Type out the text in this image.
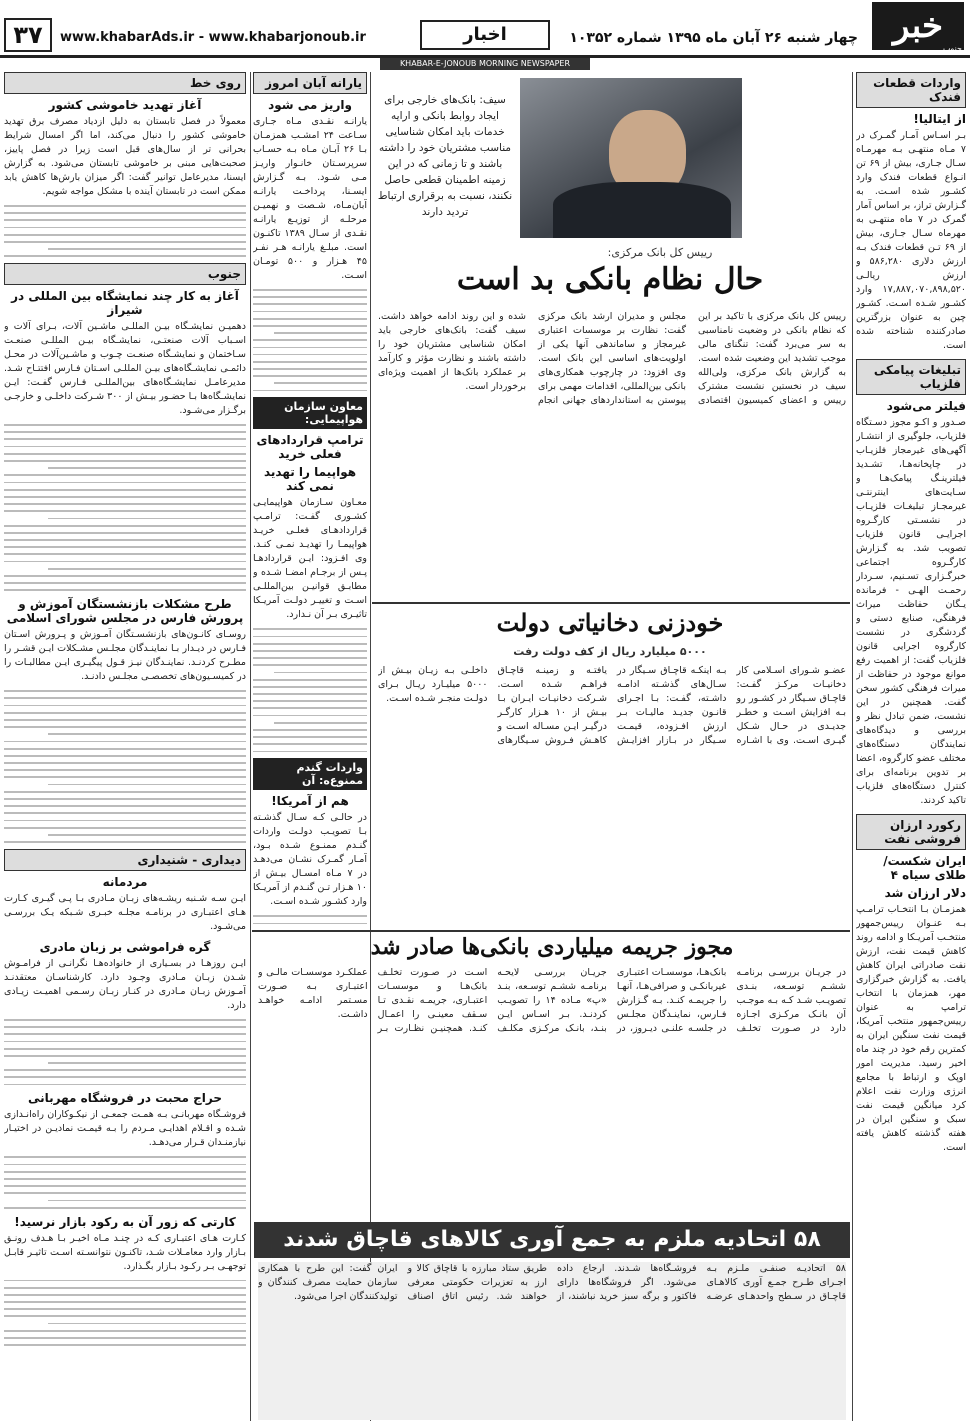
خبر
جنوب
چهار شنبه ۲۶ آبان ماه ۱۳۹۵ شماره ۱۰۳۵۲
اخبار
www.khabarAds.ir - www.khabarjonoub.ir
۳۷
KHABAR-E-JONOUB MORNING NEWSPAPER
واردات قطعات فندک
از ایتالیا!
بـر اسـاس آمـار گمـرک در ۷ مـاه منتهـی بـه مهرمـاه سـال جـاری، بیش از ۶۹ تن انـواع قطعات فندک وارد کشـور شده اسـت. به گـزارش تراز، بر اساس آمار گمرک در ۷ ماه منتهـی به مهرماه سـال جـاری، بیش از ۶۹ تـن قطعات فندک بـه ارزش دلاری ۵۸۶,۲۸۰ و ارزش ریالـی ۱۷,۸۸۷,۰۷۰,۸۹۸,۵۲۰ وارد کشـور شـده اسـت. کشـور چین به عنوان بزرگترین صادرکننده شناخته شده است.
تبلیغات پیامکی فلزیاب
فیلتر می‌شود
صـدور و اکـو مجوز دسـتگاه فلزیاب، جلوگیری از انتشـار آگهی‌های غیرمجاز فلزیـاب در چاپخانه‌هـا، تشـدید فیلترینـگ پیامک‌هـا و سـایت‌های اینترنتـی غیرمجـاز تبلیغـات فلزیـاب در نشسـتی کارگـروه اجرایـی قانون فلزیاب تصویب شد. به گـزارش کارگـروه اجتماعی خبرگـزاری تسـنیم، سـردار رحمـت الهـی - فرمانده یـگان حفاظت میراث فرهنگی، صنایع دستی و گردشگری در نشست کارگروه اجرایی قانون فلزیاب گفت: از اهمیت رفع موانع موجود در حفاظت از میراث فرهنگی کشور سخن گفت. همچنین در این نشست، ضمن تبادل نظر و بررسی و دیدگاه‌های نمایندگان دستگاه‌های مختلف عضو کارگروه، اعضا بر تدوین برنامه‌ای برای کنترل دستگاه‌های فلزیاب تاکید کردند.
رکورد ارزان فروشی نفت
ایران شکست/طلای سیاه ۴
دلار ارزان شد
همزمـان بـا انتخـاب ترامـپ بـه عنـوان رییس‌جمهور منتخـب آمریـکا و ادامه روند کاهش قیمت نفت، ارزش نفت صادراتی ایران کاهش یافت. به گزارش خبرگزاری مهر، همزمان با انتخاب ترامپ به عنوان رییس‌جمهور منتخب آمریکا، قیمت نفت سنگین ایران به کمترین رقم خود در چند ماه اخیر رسید. مدیریت امور اوپک و ارتباط با مجامع انرژی وزارت نفت اعلام کرد میانگین قیمت نفت سبک و سنگین ایران در هفته گذشته کاهش یافته است.
سیف: بانک‌های خارجی برای ایجاد روابط بانکی و ارایه خدمات باید امکان شناسایی مناسب مشتریان خود را داشته باشند و تا زمانی که در این زمینه اطمینان قطعی حاصل نکنند، نسبت به برقراری ارتباط تردید دارند
رییس کل بانک مرکزی:
حال نظام بانکی بد است
رییس کل بانک مرکزی با تاکید بر این که نظام بانکی در وضعیت نامناسبی به سر می‌برد گفت: تنگنای مالی موجب تشدید این وضعیت شده است. به گزارش بانک مرکزی، ولی‌الله سیف در نخستین نشست مشترک رییس و اعضای کمیسیون اقتصادی مجلس و مدیران ارشد بانک مرکزی گفت: نظارت بر موسسات اعتباری غیرمجاز و ساماندهی آنها یکی از اولویت‌های اساسی این بانک است. وی افزود: در چارچوب همکاری‌های بانکی بین‌المللی، اقدامات مهمی برای پیوستن به استانداردهای جهانی انجام شده و این روند ادامه خواهد داشت. سیف گفت: بانک‌های خارجی باید امکان شناسایی مشتریان خود را داشته باشند و نظارت مؤثر و کارآمد بر عملکرد بانک‌ها از اهمیت ویژه‌ای برخوردار است.
خودزنی دخانیاتی دولت
۵۰۰۰ میلیارد ریال از کف دولت رفت
عضـو شـورای اسـلامی کار دخانیـات مرکـز گفـت: قاچـاق سـیگار در کشـور رو بـه افزایش اسـت و خطـر جدیـدی در حـال شـکل گیـری اسـت. وی با اشـاره بـه اینکـه قاچـاق سـیگار در سـال‌های گذشـته ادامـه داشـته، گفـت: بـا اجـرای قانـون جدیـد مالیـات بـر ارزش افـزوده، قیمـت سـیگار در بـازار افزایـش یافتـه و زمینـه قاچـاق فراهـم شـده اسـت. شـرکت دخانیـات ایـران بـا بیـش از ۱۰ هـزار کارگـر درگیـر ایـن مسـاله اسـت و کاهـش فـروش سـیگارهای داخلـی بـه زیـان بیـش از ۵۰۰۰ میلیـارد ریـال بـرای دولـت منجـر شـده اسـت.
مجوز جریمه میلیاردی بانکی‌ها صادر شد
در جریـان بررسـی برنامـه ششـم توسـعه، بنـدی تصویـب شـد کـه بـه موجـب آن بانـک مرکـزی اجـازه دارد در صـورت تخلـف بانک‌هـا، موسسـات اعتبـاری غیربانکـی و صرافی‌هـا، آنهـا را جریمـه کنـد. بـه گـزارش فـارس، نماینـدگان مجلـس در جلسـه علنـی دیـروز، در جریـان بررسـی لایحـه برنامـه ششـم توسـعه، بنـد «پ» مـاده ۱۴ را تصویـب کردنـد. بـر اسـاس ایـن بنـد، بانـک مرکـزی مکلـف اسـت در صـورت تخلـف بانک‌هـا و موسسـات اعتبـاری، جریمـه نقـدی تـا سـقف معینـی را اعمـال کنـد. همچنیـن نظـارت بـر عملکـرد موسسـات مالـی و اعتبـاری بـه صـورت مسـتمر ادامـه خواهـد داشـت.
۵۸ اتحادیه ملزم به جمع آوری کالاهای قاچاق شدند
۵۸ اتحادیـه صنفـی ملـزم بـه اجـرای طـرح جمـع آوری کالاهـای قاچـاق در سـطح واحدهـای عرضـه فروشـگاه‌ها شـدند. ارجاع داده می‌شود. اگر فروشگاه‌ها دارای فاکتور و برگه سبز خرید نباشند، از طریق ستاد مبارزه با قاچاق کالا و ارز به تعزیرات حکومتی معرفی خواهند شد. رئیس اتاق اصناف ایران گفت: این طرح با همکاری سازمان حمایت مصرف کنندگان و تولیدکنندگان اجرا می‌شود.
یارانه آبان امروز
واریز می شود
یارانـه نقـدی مـاه جـاری سـاعت ۲۴ امشـب همزمـان بـا ۲۶ آبـان مـاه بـه حسـاب سرپرسـتان خانـوار واریـز مـی شـود. بـه گـزارش ایسـنا، پرداخـت یارانـه آبان‌مـاه، شـصت و نهمیـن مرحلـه از توزیـع یارانـه نقـدی از سـال ۱۳۸۹ تاکنـون است. مبلـغ یارانـه هـر نفـر ۴۵ هـزار و ۵۰۰ تومـان اسـت.
معاون سازمان هواپیمایی:
ترامپ قراردادهای فعلی خرید
هواپیما را تهدید نمی کند
معـاون سـازمان هواپیمایـی کشـوری گفـت: ترامـپ قراردادهـای فعلـی خریـد هواپیمـا را تهدیـد نمـی کنـد. وی افـزود: ایـن قراردادهـا پـس از برجـام امضـا شـده و مطابـق قوانیـن بین‌المللـی اسـت و تغییـر دولـت آمریـکا تاثیـری بـر آن نـدارد.
واردات گندم ممنوع‌ه: آن
هم از آمریکا!
در حالـی کـه سـال گذشـته بـا تصویـب دولـت واردات گنـدم ممنـوع شـده بـود، آمـار گمـرک نشـان می‌دهـد در ۷ مـاه امسـال بیـش از ۱۰ هـزار تـن گنـدم از آمریـکا وارد کشـور شـده اسـت.
روی خط
آغاز تهدید خاموشی کشور
معمولاً در فصل تابستان به دلیل ازدیاد مصرف برق تهدید خاموشی کشور را دنبال می‌کند، اما اگر امسال شرایط بحرانی تر از سال‌های قبل است زیرا در فصل پاییز، صحبت‌هایی مبنی بر خاموشی تابستان می‌شود. به گزارش ایسنا، مدیرعامل توانیر گفت: اگر میزان بارش‌ها کاهش یابد ممکن است در تابستان آینده با مشکل مواجه شویم.
جنوب
آغاز به کار چند نمایشگاه بین المللی در شیراز
دهمیـن نمایشـگاه بیـن المللـی ماشـین آلات، بـرای آلات و اسـباب آلات صنعتـی، نمایشـگاه بیـن المللـی صنعـت سـاختمان و نمایشـگاه صنعـت چـوب و ماشـین‌آلات در محـل دائمـی نمایشـگاه‌های بیـن المللـی اسـتان فـارس افتتـاح شـد. مدیرعامـل نمایشـگاه‌های بین‌المللـی فـارس گفـت: ایـن نمایشـگاه‌ها بـا حضـور بیـش از ۳۰۰ شـرکت داخلـی و خارجـی برگـزار می‌شـود.
طرح مشکلات بازنشستگان آموزش و پرورش فارس در مجلس شورای اسلامی
روسـای کانـون‌های بازنشسـتگان آمـوزش و پـرورش اسـتان فـارس در دیـدار بـا نماینـدگان مجلـس مشـکلات ایـن قشـر را مطـرح کردنـد. نماینـدگان نیـز قـول پیگیـری ایـن مطالبـات را در کمیسـیون‌های تخصصـی مجلـس دادنـد.
دیداری - شنیداری
مردمانه
ایـن سـه شـنبه ریشـه‌های زبـان مـادری بـا پـی گیـری کـارت هـای اعتبـاری در برنامـه مجلـه خبـری شـبکه یـک بررسـی می‌شـود.
گره فراموشی بر زبان مادری
ایـن روزهـا در بسـیاری از خانواده‌هـا نگرانـی از فرامـوش شـدن زبـان مـادری وجـود دارد. کارشناسـان معتقدنـد آمـوزش زبـان مـادری در کنـار زبـان رسـمی اهمیـت زیـادی دارد.
حراج محبت در فروشگاه مهربانی
فروشـگاه مهربانـی بـه همـت جمعـی از نیکـوکاران راه‌انـدازی شـده و اقـلام اهدایـی مـردم را بـه قیمـت نمادیـن در اختیـار نیازمنـدان قـرار می‌دهـد.
کارتی که زور آن به رکود بازار نرسید!
کـارت هـای اعتبـاری کـه در چنـد مـاه اخیـر بـا هـدف رونـق بـازار وارد معامـلات شـد، تاکنـون نتوانسـته اسـت تاثیـر قابـل توجهـی بـر رکـود بـازار بگـذارد.
